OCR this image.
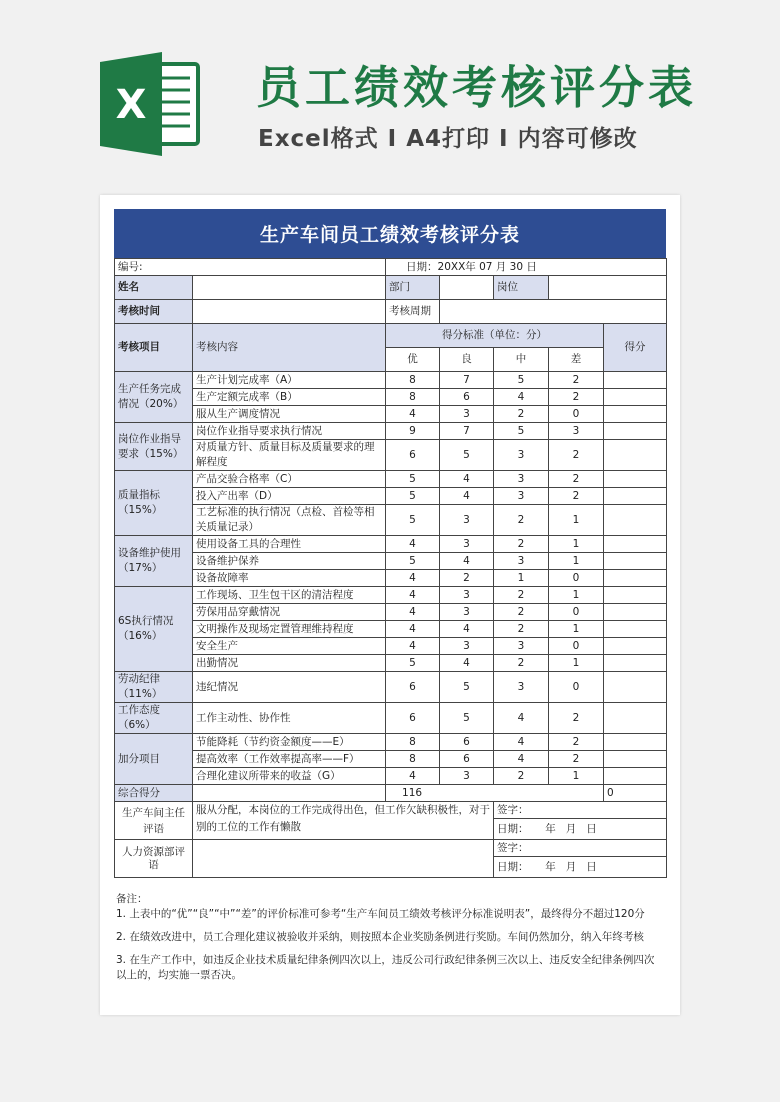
X 员工绩效考核评分表
Excel格式 I A4打印 I 内容可修改
生产车间员工绩效考核评分表
编号:		日期：20XX年 07 月 30 日				
姓名		部门		岗位		
考核时间		考核周期				
考核项目	考核内容	得分标准（单位：分）				得分
		优	良	中	差	
生产任务完成情况（20%）	生产计划完成率（A）	8	7	5	2	
	生产定额完成率（B）	8	6	4	2	
	服从生产调度情况	4	3	2	0	
岗位作业指导要求（15%）	岗位作业指导要求执行情况	9	7	5	3	
	对质量方针、质量目标及质量要求的理解程度	6	5	3	2	
质量指标（15%）	产品交验合格率（C）	5	4	3	2	
	投入产出率（D）	5	4	3	2	
	工艺标准的执行情况（点检、首检等相关质量记录）	5	3	2	1	
设备维护使用（17%）	使用设备工具的合理性	4	3	2	1	
	设备维护保养	5	4	3	1	
	设备故障率	4	2	1	0	
6S执行情况（16%）	工作现场、卫生包干区的清洁程度	4	3	2	1	
	劳保用品穿戴情况	4	3	2	0	
	文明操作及现场定置管理维持程度	4	4	2	1	
	安全生产	4	3	3	0	
	出勤情况	5	4	2	1	
劳动纪律（11%）	违纪情况	6	5	3	0	
工作态度（6%）	工作主动性、协作性	6	5	4	2	
加分项目	节能降耗（节约资金额度——E）	8	6	4	2	
	提高效率（工作效率提高率——F）	8	6	4	2	
	合理化建议所带来的收益（G）	4	3	2	1	
综合得分		116				0
生产车间主任评语	服从分配，本岗位的工作完成得出色，但工作欠缺积极性，对于别的工位的工作有懒散			签字：		
				日期：     年   月   日		
人力资源部评语				签字：		
				日期：     年   月   日		

备注：

1. 上表中的“优”“良”“中”“差”的评价标准可参考“生产车间员工绩效考核评分标准说明表”，最终得分不超过120分

2. 在绩效改进中，员工合理化建议被验收并采纳，则按照本企业奖励条例进行奖励。车间仍然加分，纳入年终考核

3. 在生产工作中，如违反企业技术质量纪律条例四次以上，违反公司行政纪律条例三次以上、违反安全纪律条例四次以上的，均实施一票否决。
